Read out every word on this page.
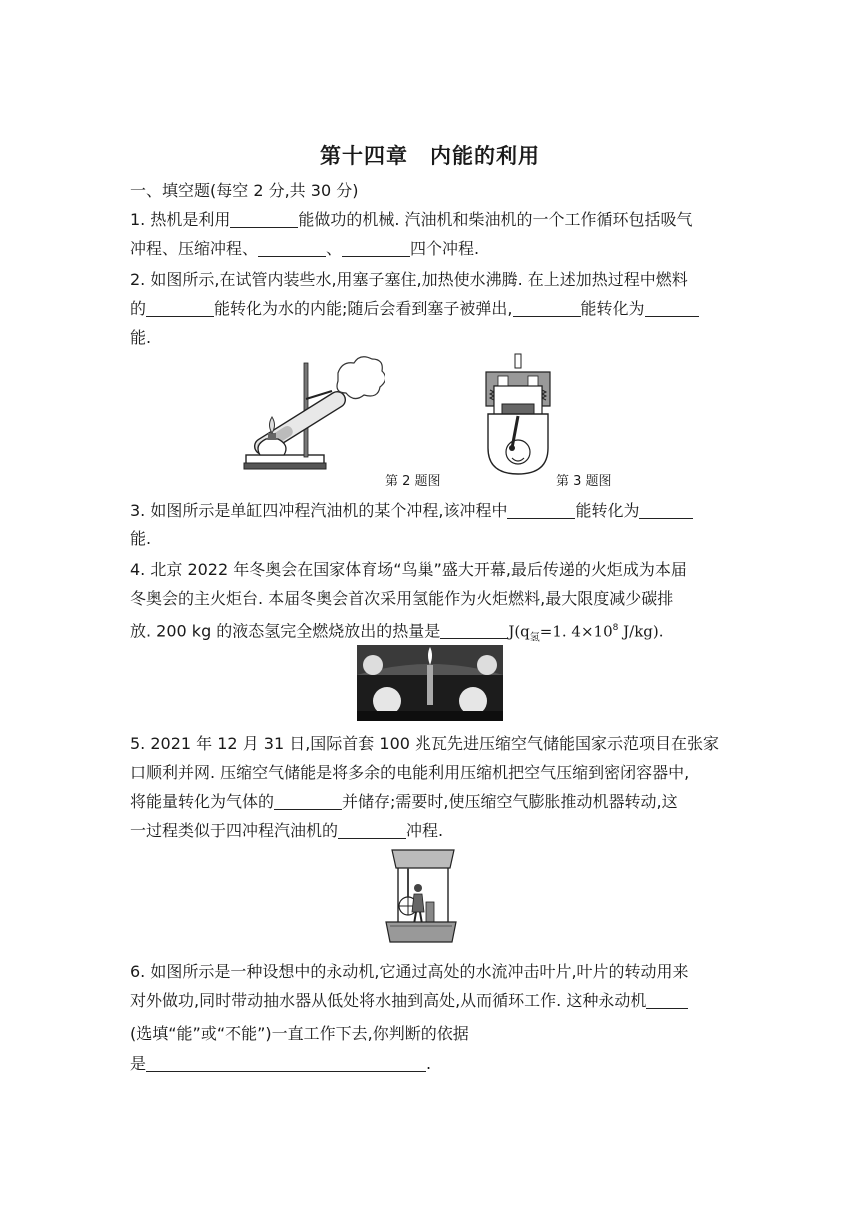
第十四章　内能的利用
一、填空题(每空 2 分,共 30 分)
1. 热机是利用	能做功的机械. 汽油机和柴油机的一个工作循环包括吸气
冲程、压缩冲程、	、	四个冲程.
2. 如图所示,在试管内装些水,用塞子塞住,加热使水沸腾. 在上述加热过程中燃料
的	能转化为水的内能;随后会看到塞子被弹出,	能转化为
能.
第 2 题图	第 3 题图
3. 如图所示是单缸四冲程汽油机的某个冲程,该冲程中	能转化为
能.
4. 北京 2022 年冬奥会在国家体育场“鸟巢”盛大开幕,最后传递的火炬成为本届
冬奥会的主火炬台. 本届冬奥会首次采用氢能作为火炬燃料,最大限度减少碳排
放. 200 kg 的液态氢完全燃烧放出的热量是	$J(q_氢=1$. $4\times 10^8$ J/kg).
5. 2021 年 12 月 31 日,国际首套 100 兆瓦先进压缩空气储能国家示范项目在张家
口顺利并网. 压缩空气储能是将多余的电能利用压缩机把空气压缩到密闭容器中,
将能量转化为气体的	并储存;需要时,使压缩空气膨胀推动机器转动,这
一过程类似于四冲程汽油机的	冲程.
6. 如图所示是一种设想中的永动机,它通过高处的水流冲击叶片,叶片的转动用来
对外做功,同时带动抽水器从低处将水抽到高处,从而循环工作. 这种永动机
(选填“能”或“不能”)一直工作下去,你判断的依据
是	.
